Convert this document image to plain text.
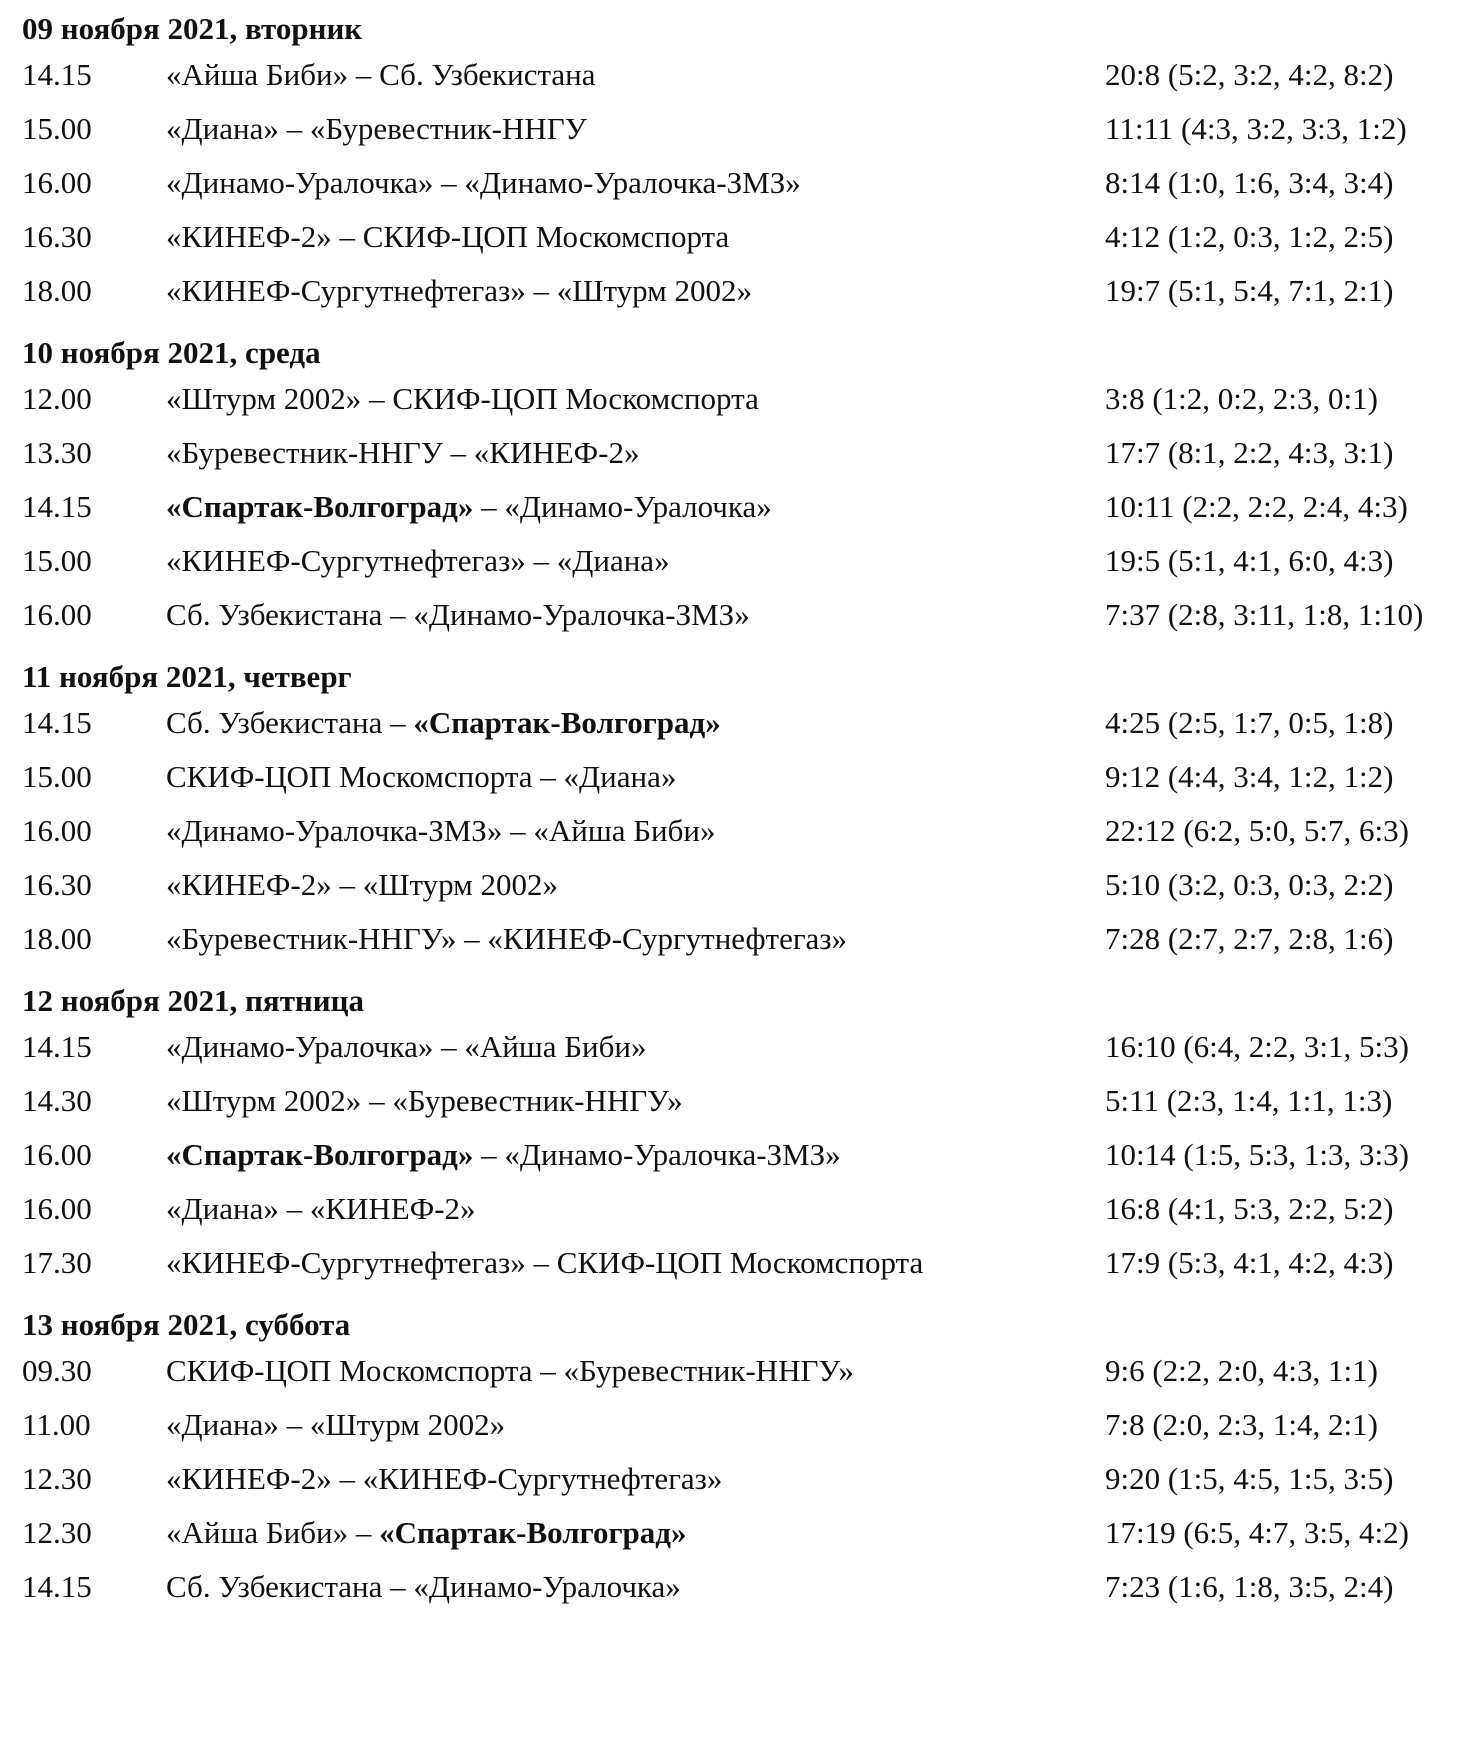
09 ноября 2021, вторник
14.15 «Айша Биби» – Сб. Узбекистана	20:8 (5:2, 3:2, 4:2, 8:2)
15.00 «Диана» – «Буревестник-ННГУ	11:11 (4:3, 3:2, 3:3, 1:2)
16.00 «Динамо-Уралочка» – «Динамо-Уралочка-ЗМЗ»	8:14 (1:0, 1:6, 3:4, 3:4)
16.30 «КИНЕФ-2» – СКИФ-ЦОП Москомспорта	4:12 (1:2, 0:3, 1:2, 2:5)
18.00 «КИНЕФ-Сургутнефтегаз» – «Штурм 2002»	19:7 (5:1, 5:4, 7:1, 2:1)
10 ноября 2021, среда
12.00 «Штурм 2002» – СКИФ-ЦОП Москомспорта	3:8 (1:2, 0:2, 2:3, 0:1)
13.30 «Буревестник-ННГУ – «КИНЕФ-2»	17:7 (8:1, 2:2, 4:3, 3:1)
14.15 «Спартак-Волгоград» – «Динамо-Уралочка»	10:11 (2:2, 2:2, 2:4, 4:3)
15.00 «КИНЕФ-Сургутнефтегаз» – «Диана»	19:5 (5:1, 4:1, 6:0, 4:3)
16.00 Сб. Узбекистана – «Динамо-Уралочка-ЗМЗ»	7:37 (2:8, 3:11, 1:8, 1:10)
11 ноября 2021, четверг
14.15 Сб. Узбекистана – «Спартак-Волгоград»	4:25 (2:5, 1:7, 0:5, 1:8)
15.00 СКИФ-ЦОП Москомспорта – «Диана»	9:12 (4:4, 3:4, 1:2, 1:2)
16.00 «Динамо-Уралочка-ЗМЗ» – «Айша Биби»	22:12 (6:2, 5:0, 5:7, 6:3)
16.30 «КИНЕФ-2» – «Штурм 2002»	5:10 (3:2, 0:3, 0:3, 2:2)
18.00 «Буревестник-ННГУ» – «КИНЕФ-Сургутнефтегаз»	7:28 (2:7, 2:7, 2:8, 1:6)
12 ноября 2021, пятница
14.15 «Динамо-Уралочка» – «Айша Биби»	16:10 (6:4, 2:2, 3:1, 5:3)
14.30 «Штурм 2002» – «Буревестник-ННГУ»	5:11 (2:3, 1:4, 1:1, 1:3)
16.00 «Спартак-Волгоград» – «Динамо-Уралочка-ЗМЗ»	10:14 (1:5, 5:3, 1:3, 3:3)
16.00 «Диана» – «КИНЕФ-2»	16:8 (4:1, 5:3, 2:2, 5:2)
17.30 «КИНЕФ-Сургутнефтегаз» – СКИФ-ЦОП Москомспорта	17:9 (5:3, 4:1, 4:2, 4:3)
13 ноября 2021, суббота
09.30 СКИФ-ЦОП Москомспорта – «Буревестник-ННГУ»	9:6 (2:2, 2:0, 4:3, 1:1)
11.00 «Диана» – «Штурм 2002»	7:8 (2:0, 2:3, 1:4, 2:1)
12.30 «КИНЕФ-2» – «КИНЕФ-Сургутнефтегаз»	9:20 (1:5, 4:5, 1:5, 3:5)
12.30 «Айша Биби» – «Спартак-Волгоград»	17:19 (6:5, 4:7, 3:5, 4:2)
14.15 Сб. Узбекистана – «Динамо-Уралочка»	7:23 (1:6, 1:8, 3:5, 2:4)
